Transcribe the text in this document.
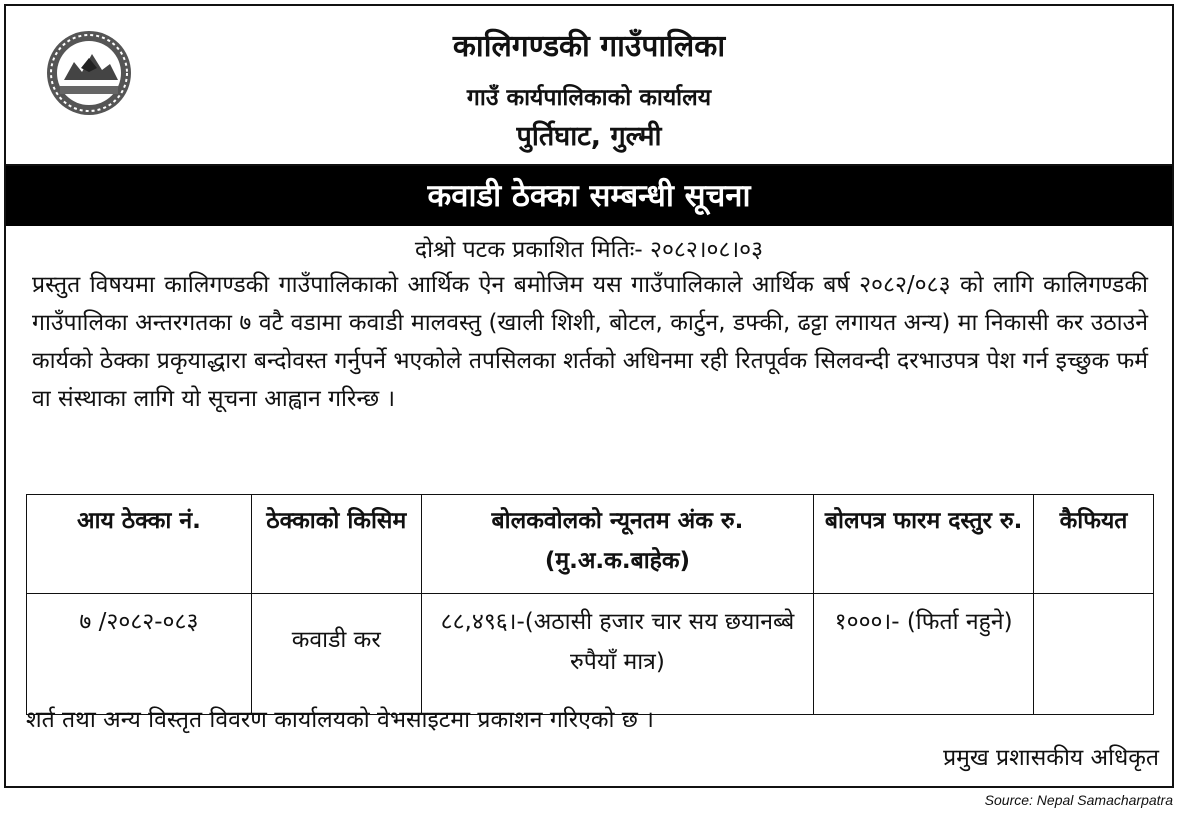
कालिगण्डकी गाउँपालिका
गाउँ कार्यपालिकाको कार्यालय
पुर्तिघाट, गुल्मी
कवाडी ठेक्का सम्बन्धी सूचना
दोश्रो पटक प्रकाशित मितिः- २०८२।०८।०३
प्रस्तुत विषयमा कालिगण्डकी गाउँपालिकाको आर्थिक ऐन बमोजिम यस गाउँपालिकाले आर्थिक बर्ष २०८२/०८३ को लागि कालिगण्डकी गाउँपालिका अन्तरगतका ७ वटै वडामा कवाडी मालवस्तु (खाली शिशी, बोटल, कार्टुन, डफ्की, ढट्टा लगायत अन्य) मा निकासी कर उठाउने कार्यको ठेक्का प्रकृयाद्धारा बन्दोवस्त गर्नुपर्ने भएकोले तपसिलका शर्तको अधिनमा रही रितपूर्वक सिलवन्दी दरभाउपत्र पेश गर्न इच्छुक फर्म वा संस्थाका लागि यो सूचना आह्वान गरिन्छ ।
आय ठेक्का नं.	ठेक्काको किसिम	बोलकवोलको न्यूनतम अंक रु. (मु.अ.क.बाहेक)	बोलपत्र फारम दस्तुर रु.	कैफियत
७ /२०८२-०८३	कवाडी कर	८८,४९६।-(अठासी हजार चार सय छयानब्बे रुपैयाँ मात्र)	१०००।- (फिर्ता नहुने)	
शर्त तथा अन्य विस्तृत विवरण कार्यालयको वेभसाइटमा प्रकाशन गरिएको छ ।
प्रमुख प्रशासकीय अधिकृत
Source: Nepal Samacharpatra
